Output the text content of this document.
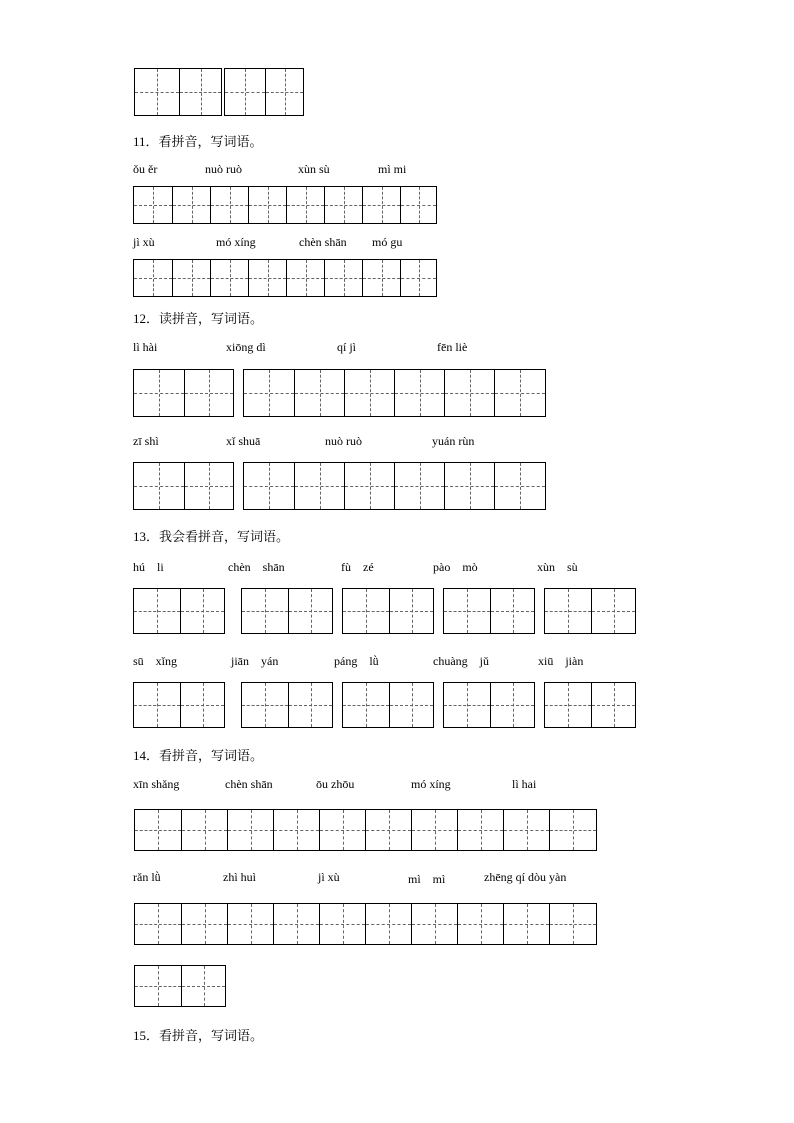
11．看拼音，写词语。
ǒu ěr	nuò ruò	xùn sù	mì mi
jì xù	mó xíng	chèn shān mó gu
12．读拼音，写词语。
lì hài	xiōng dì	qí jì	fēn liè
zī shì	xǐ shuā	nuò ruò	yuán rùn
13．我会看拼音，写词语。
hú　li	chèn　shān	fù　zé	pào　mò	xùn　sù
sū　xǐng	jiān　yán	páng　lǜ	chuàng　jǔ	xiū　jiàn
14．看拼音，写词语。
xīn shǎng	chèn shān	ōu zhōu	mó xíng	lì hai
rǎn lǜ	zhì huì	jì xù	mì　mì	zhēng qí dòu yàn
15．看拼音，写词语。
